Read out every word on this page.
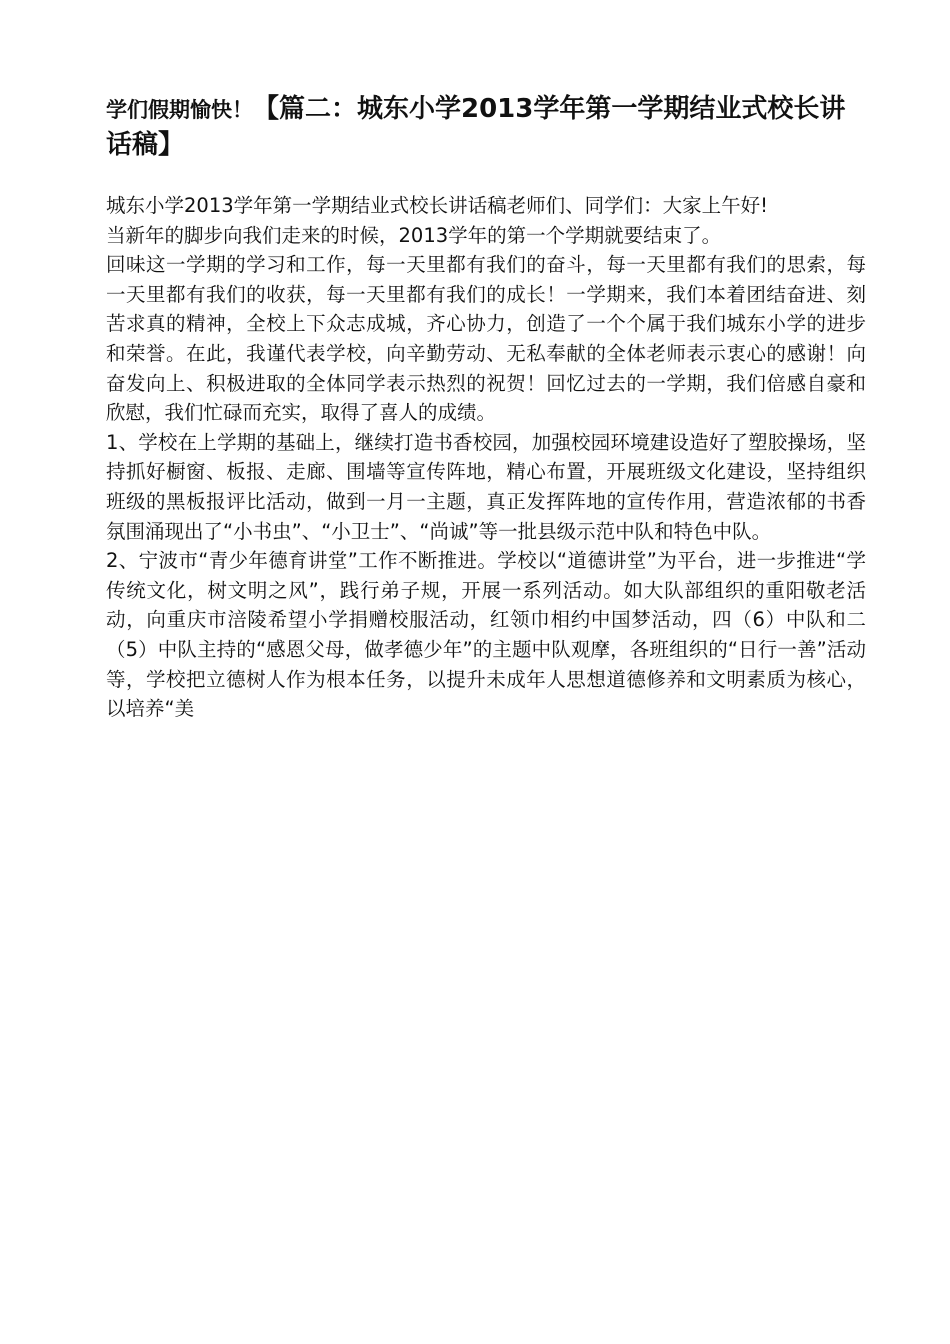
学们假期愉快！【篇二：城东小学2013学年第一学期结业式校长讲话稿】

城东小学2013学年第一学期结业式校长讲话稿老师们、同学们：大家上午好!

当新年的脚步向我们走来的时候，2013学年的第一个学期就要结束了。

回味这一学期的学习和工作，每一天里都有我们的奋斗，每一天里都有我们的思索，每一天里都有我们的收获，每一天里都有我们的成长！一学期来，我们本着团结奋进、刻苦求真的精神，全校上下众志成城，齐心协力，创造了一个个属于我们城东小学的进步和荣誉。在此，我谨代表学校，向辛勤劳动、无私奉献的全体老师表示衷心的感谢！向奋发向上、积极进取的全体同学表示热烈的祝贺！回忆过去的一学期，我们倍感自豪和欣慰，我们忙碌而充实，取得了喜人的成绩。

1、学校在上学期的基础上，继续打造书香校园，加强校园环境建设造好了塑胶操场，坚持抓好橱窗、板报、走廊、围墙等宣传阵地，精心布置，开展班级文化建设，坚持组织班级的黑板报评比活动，做到一月一主题，真正发挥阵地的宣传作用，营造浓郁的书香氛围涌现出了“小书虫”、“小卫士”、“尚诚”等一批县级示范中队和特色中队。

2、宁波市“青少年德育讲堂”工作不断推进。学校以“道德讲堂”为平台，进一步推进“学传统文化，树文明之风”，践行弟子规，开展一系列活动。如大队部组织的重阳敬老活动，向重庆市涪陵希望小学捐赠校服活动，红领巾相约中国梦活动，四（6）中队和二（5）中队主持的“感恩父母，做孝德少年”的主题中队观摩，各班组织的“日行一善”活动等，学校把立德树人作为根本任务，以提升未成年人思想道德修养和文明素质为核心，以培养“美
